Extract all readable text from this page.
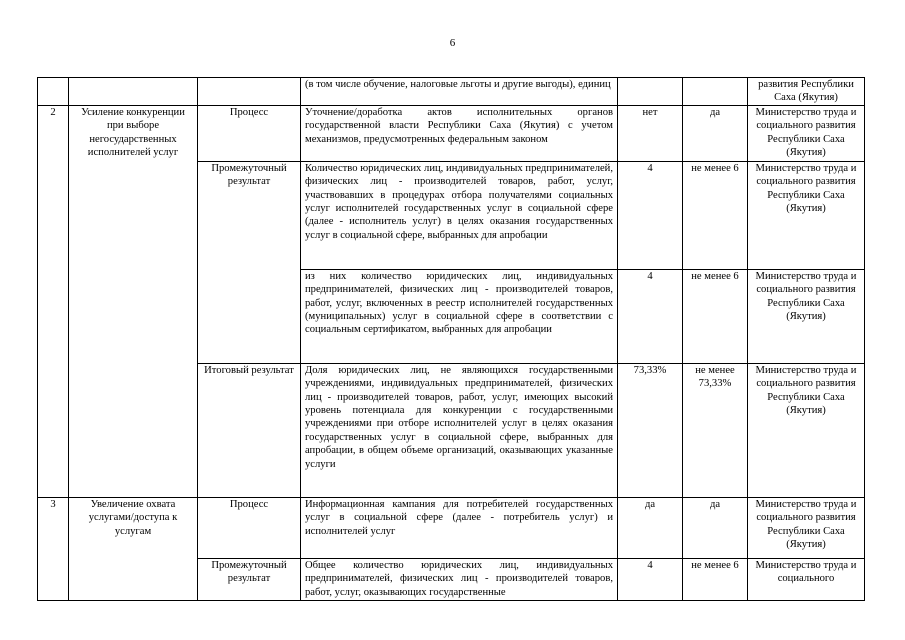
6
			(в том числе обучение, налоговые льготы и другие выгоды), единиц			развития Республики Саха (Якутия)
2	Усиление конкуренции при выборе негосударственных исполнителей услуг	Процесс	Уточнение/доработка актов исполнительных органов государственной власти Республики Саха (Якутия) с учетом механизмов, предусмотренных федеральным законом	нет	да	Министерство труда и социального развития Республики Саха (Якутия)
		Промежуточный результат	Количество юридических лиц, индивидуальных предпринимателей, физических лиц - производителей товаров, работ, услуг, участвовавших в процедурах отбора получателями социальных услуг исполнителей государственных услуг в социальной сфере (далее - исполнитель услуг) в целях оказания государственных услуг в социальной сфере, выбранных для апробации	4	не менее 6	Министерство труда и социального развития Республики Саха (Якутия)
			из них количество юридических лиц, индивидуальных предпринимателей, физических лиц - производителей товаров, работ, услуг, включенных в реестр исполнителей государственных (муниципальных) услуг в социальной сфере в соответствии с социальным сертификатом, выбранных для апробации	4	не менее 6	Министерство труда и социального развития Республики Саха (Якутия)
		Итоговый результат	Доля юридических лиц, не являющихся государственными учреждениями, индивидуальных предпринимателей, физических лиц - производителей товаров, работ, услуг, имеющих высокий уровень потенциала для конкуренции с государственными учреждениями при отборе исполнителей услуг в целях оказания государственных услуг в социальной сфере, выбранных для апробации, в общем объеме организаций, оказывающих указанные услуги	73,33%	не менее 73,33%	Министерство труда и социального развития Республики Саха (Якутия)
3	Увеличение охвата услугами/доступа к услугам	Процесс	Информационная кампания для потребителей государственных услуг в социальной сфере (далее - потребитель услуг) и исполнителей услуг	да	да	Министерство труда и социального развития Республики Саха (Якутия)
		Промежуточный результат	Общее количество юридических лиц, индивидуальных предпринимателей, физических лиц - производителей товаров, работ, услуг, оказывающих государственные	4	не менее 6	Министерство труда и социального
